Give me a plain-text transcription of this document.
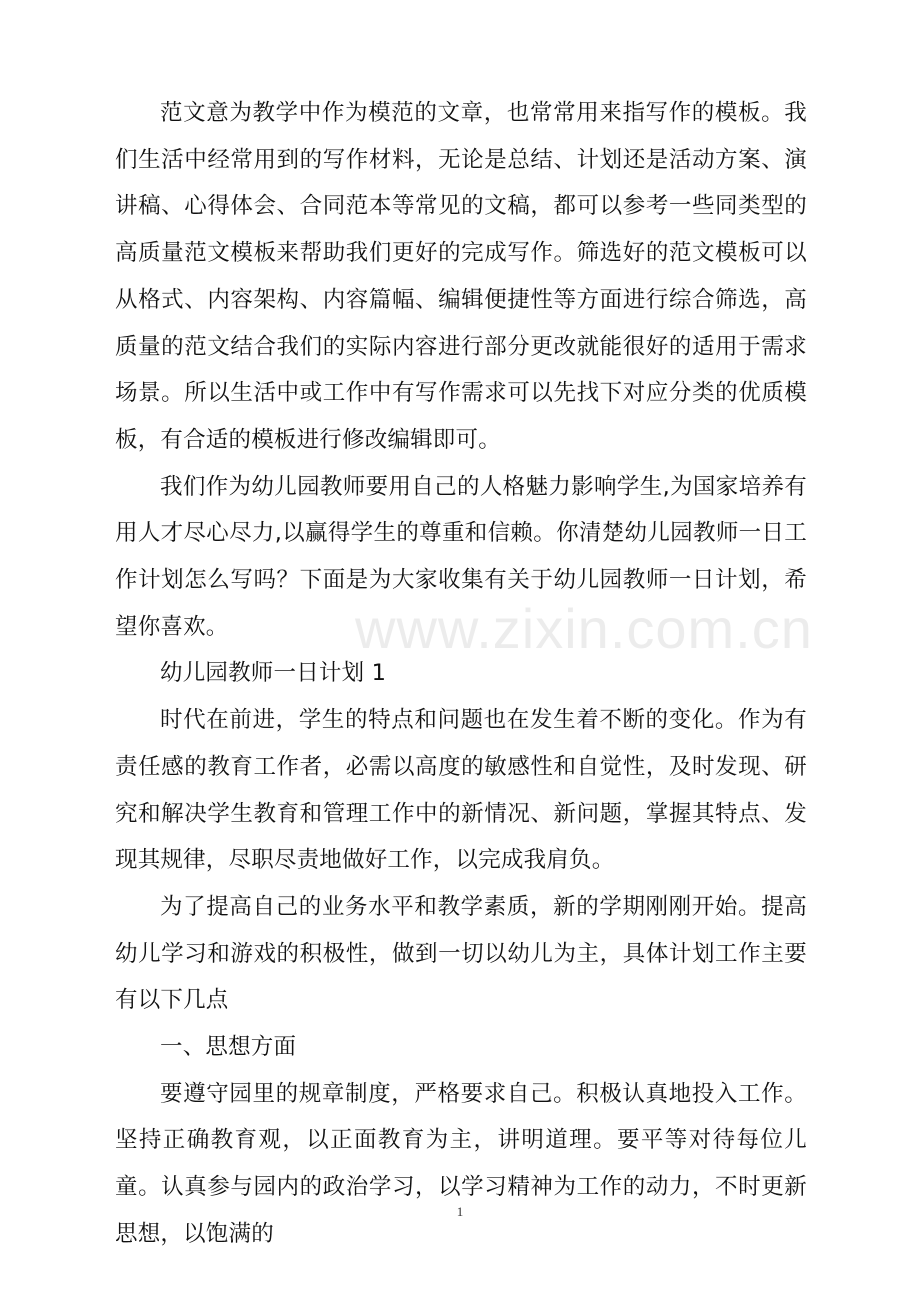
范文意为教学中作为模范的文章，也常常用来指写作的模板。我们生活中经常用到的写作材料，无论是总结、计划还是活动方案、演讲稿、心得体会、合同范本等常见的文稿，都可以参考一些同类型的高质量范文模板来帮助我们更好的完成写作。筛选好的范文模板可以从格式、内容架构、内容篇幅、编辑便捷性等方面进行综合筛选，高质量的范文结合我们的实际内容进行部分更改就能很好的适用于需求场景。所以生活中或工作中有写作需求可以先找下对应分类的优质模板，有合适的模板进行修改编辑即可。

我们作为幼儿园教师要用自己的人格魅力影响学生,为国家培养有用人才尽心尽力,以赢得学生的尊重和信赖。你清楚幼儿园教师一日工作计划怎么写吗？下面是为大家收集有关于幼儿园教师一日计划，希望你喜欢。

幼儿园教师一日计划 1

时代在前进，学生的特点和问题也在发生着不断的变化。作为有责任感的教育工作者，必需以高度的敏感性和自觉性，及时发现、研究和解决学生教育和管理工作中的新情况、新问题，掌握其特点、发现其规律，尽职尽责地做好工作，以完成我肩负。

为了提高自己的业务水平和教学素质，新的学期刚刚开始。提高幼儿学习和游戏的积极性，做到一切以幼儿为主，具体计划工作主要有以下几点

一、思想方面

要遵守园里的规章制度，严格要求自己。积极认真地投入工作。坚持正确教育观，以正面教育为主，讲明道理。要平等对待每位儿童。认真参与园内的政治学习，以学习精神为工作的动力，不时更新思想，以饱满的

www.zixin.com.cn
1
